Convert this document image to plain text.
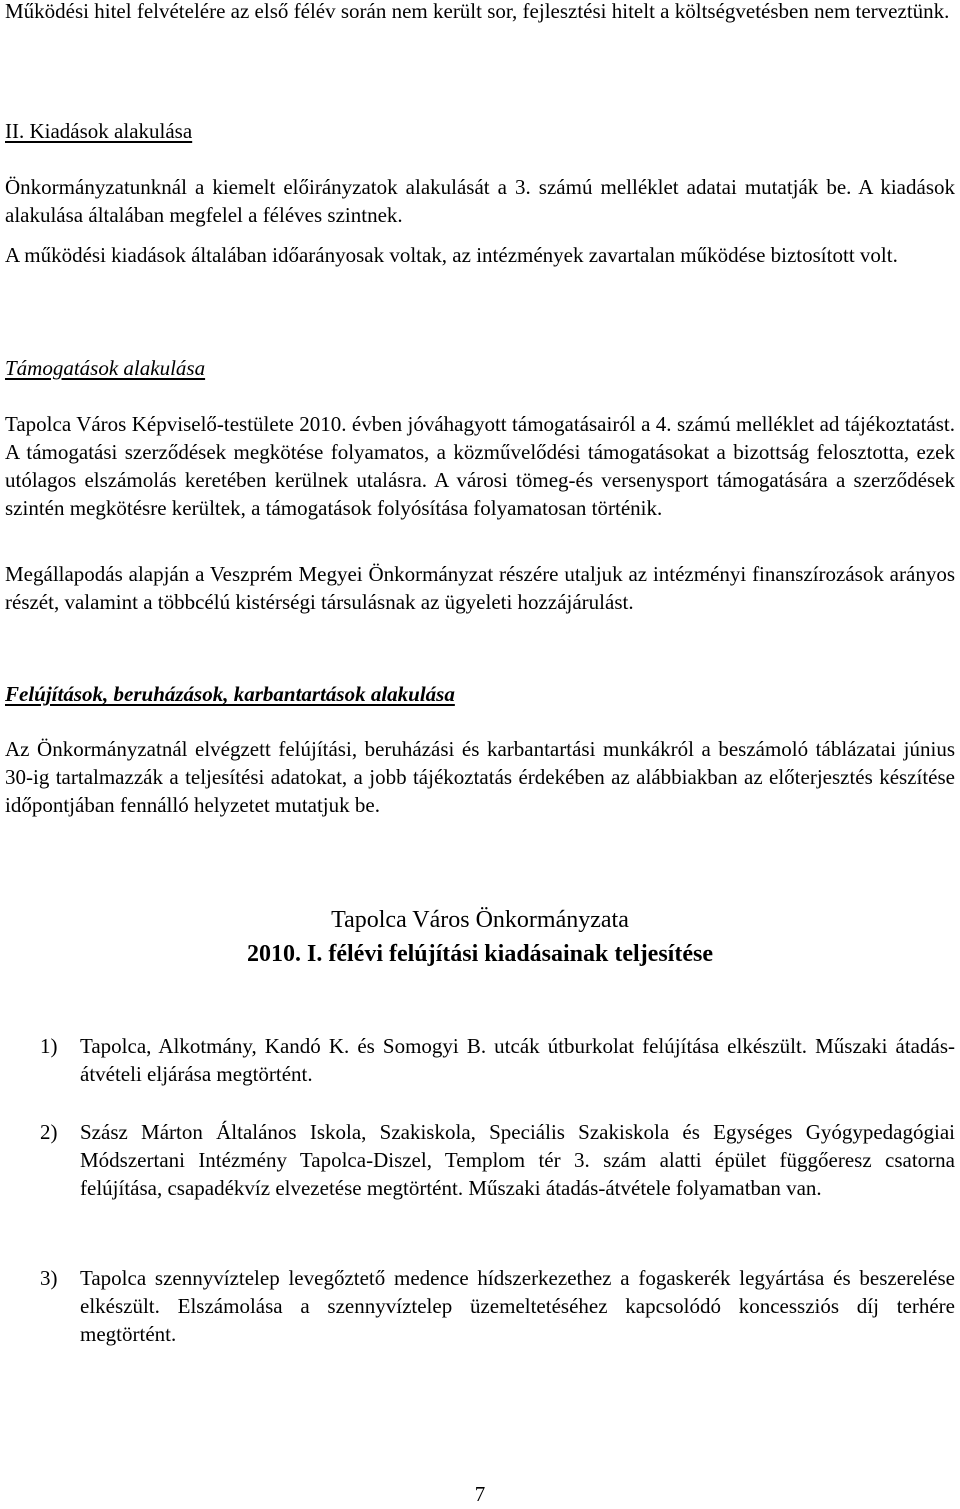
Működési hitel felvételére az első félév során nem került sor, fejlesztési hitelt a költségvetésben nem terveztünk.

II. Kiadások alakulása

Önkormányzatunknál a kiemelt előirányzatok alakulását a 3. számú melléklet adatai mutatják be. A kiadások alakulása általában megfelel a féléves szintnek.

A működési kiadások általában időarányosak voltak, az intézmények zavartalan működése biztosított volt.

Támogatások alakulása

Tapolca Város Képviselő-testülete 2010. évben jóváhagyott támogatásairól a 4. számú melléklet ad tájékoztatást. A támogatási szerződések megkötése folyamatos, a közművelődési támogatásokat a bizottság felosztotta, ezek utólagos elszámolás keretében kerülnek utalásra. A városi tömeg-és versenysport támogatására a szerződések szintén megkötésre kerültek, a támogatások folyósítása folyamatosan történik.

Megállapodás alapján a Veszprém Megyei Önkormányzat részére utaljuk az intézményi finanszírozások arányos részét, valamint a többcélú kistérségi társulásnak az ügyeleti hozzájárulást.

Felújítások, beruházások, karbantartások alakulása

Az Önkormányzatnál elvégzett felújítási, beruházási és karbantartási munkákról a beszámoló táblázatai június 30-ig tartalmazzák a teljesítési adatokat, a jobb tájékoztatás érdekében az alábbiakban az előterjesztés készítése időpontjában fennálló helyzetet mutatjuk be.

Tapolca Város Önkormányzata

2010. I. félévi felújítási kiadásainak teljesítése

1)	Tapolca, Alkotmány, Kandó K. és Somogyi B. utcák útburkolat felújítása elkészült. Műszaki átadás-átvételi eljárása megtörtént.

2)	Szász Márton Általános Iskola, Szakiskola, Speciális Szakiskola és Egységes Gyógypedagógiai Módszertani Intézmény Tapolca-Diszel, Templom tér 3. szám alatti épület függőeresz csatorna felújítása, csapadékvíz elvezetése megtörtént. Műszaki átadás-átvétele folyamatban van.

3)	Tapolca szennyvíztelep levegőztető medence hídszerkezethez a fogaskerék legyártása és beszerelése elkészült. Elszámolása a szennyvíztelep üzemeltetéséhez kapcsolódó koncessziós díj terhére megtörtént.

7
